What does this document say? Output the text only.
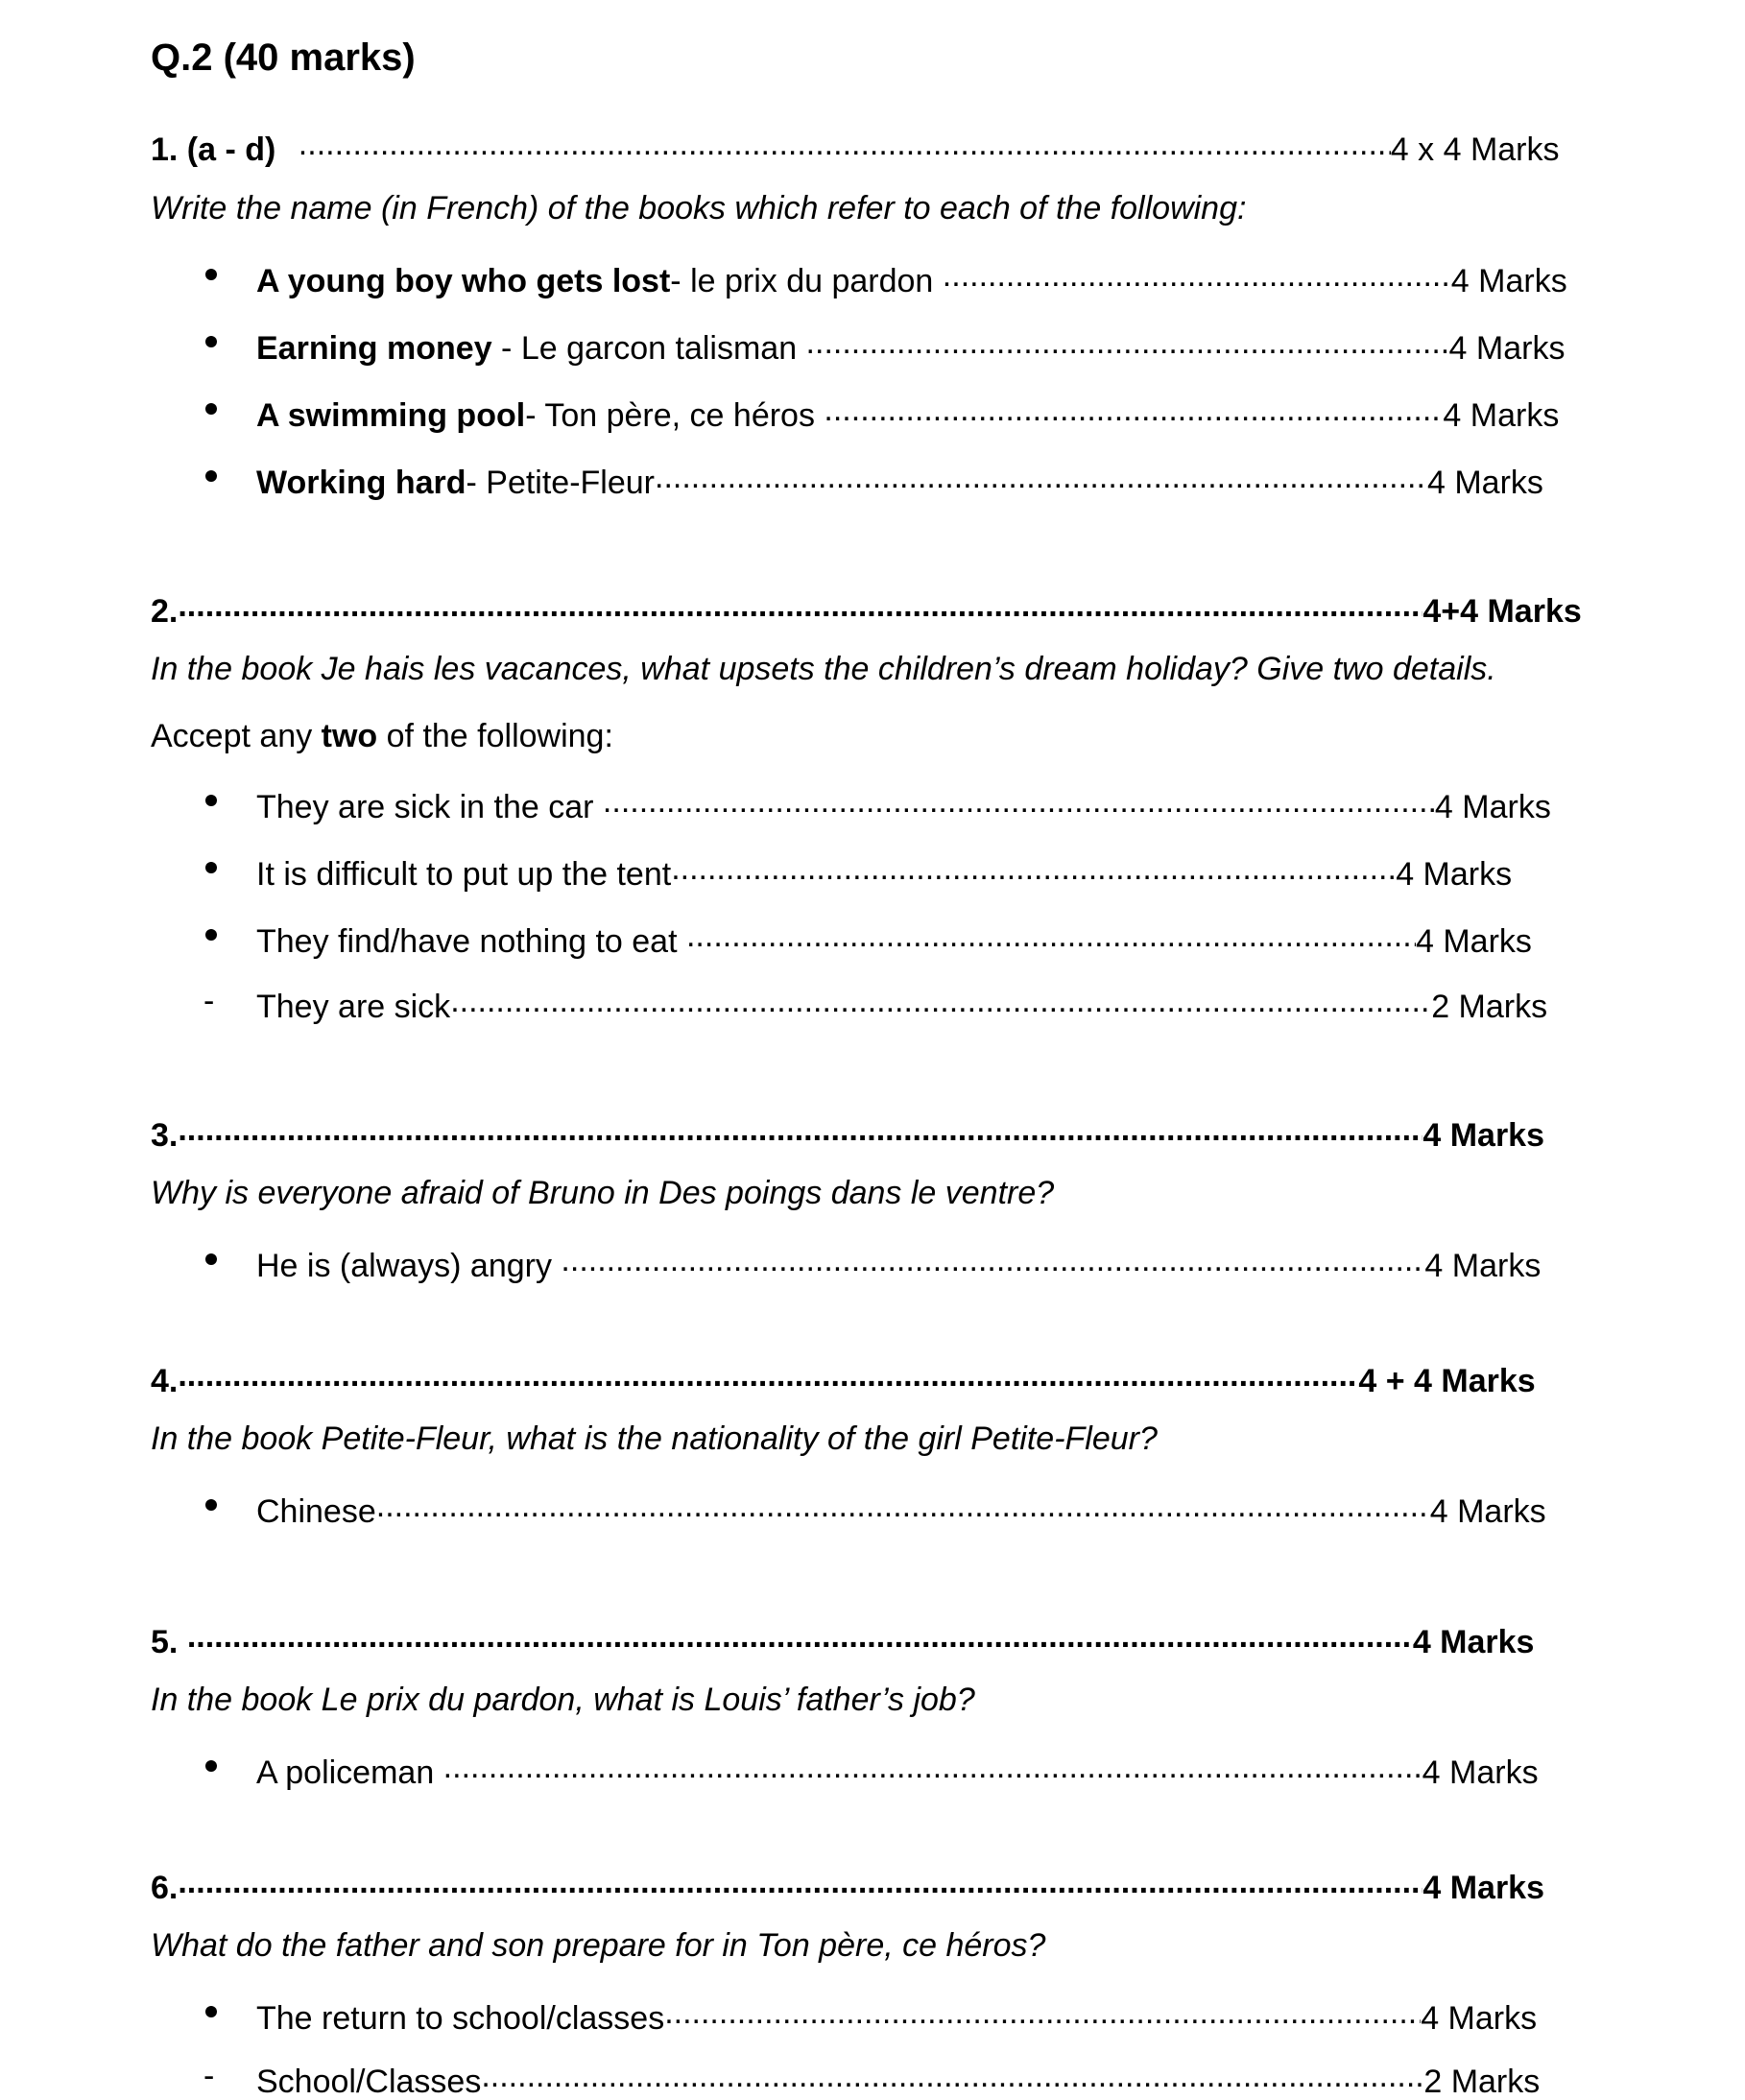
Q.2 (40 marks)
1. (a - d) .....	4 x 4 Marks
Write the name (in French) of the books which refer to each of the following:
A young boy who gets lost- le prix du pardon .....	4 Marks
Earning money - Le garcon talisman .....	4 Marks
A swimming pool- Ton père, ce héros .....	4 Marks
Working hard- Petite-Fleur .....	4 Marks
2. .....	4+4 Marks
In the book Je hais les vacances, what upsets the children’s dream holiday? Give two details.
Accept any two of the following:
They are sick in the car .....	4 Marks
It is difficult to put up the tent .....	4 Marks
They find/have nothing to eat .....	4 Marks
- They are sick .....	2 Marks
3. .....	4 Marks
Why is everyone afraid of Bruno in Des poings dans le ventre?
He is (always) angry .....	4 Marks
4. .....	4 + 4 Marks
In the book Petite-Fleur, what is the nationality of the girl Petite-Fleur?
Chinese .....	4 Marks
5. .....	4 Marks
In the book Le prix du pardon, what is Louis’ father’s job?
A policeman .....	4 Marks
6. .....	4 Marks
What do the father and son prepare for in Ton père, ce héros?
The return to school/classes .....	4 Marks
- School/Classes .....	2 Marks
